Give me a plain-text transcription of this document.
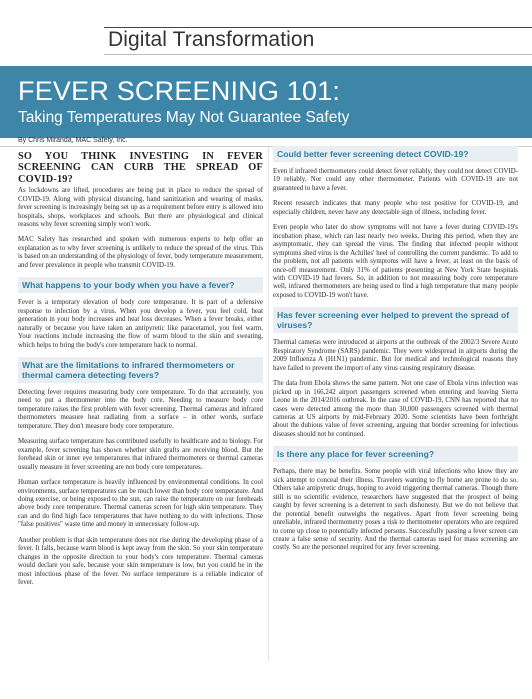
Digital Transformation
FEVER SCREENING 101:
Taking Temperatures May Not Guarantee Safety
By Chris Miranda, MAC Safety, Inc.
SO YOU THINK INVESTING IN FEVER SCREENING CAN CURB THE SPREAD OF COVID-19?

As lockdowns are lifted, procedures are being put in place to reduce the spread of COVID-19. Along with physical distancing, hand sanitization and wearing of masks, fever screening is increasingly being set up as a requirement before entry is allowed into hospitals, shops, workplaces and schools. But there are physiological and clinical reasons why fever screening simply won't work.

MAC Safety has researched and spoken with numerous experts to help offer an explanation as to why fever screening is unlikely to reduce the spread of the virus. This is based on an understanding of the physiology of fever, body temperature measurement, and fever prevalence in people who transmit COVID-19.

What happens to your body when you have a fever?

Fever is a temporary elevation of body core temperature. It is part of a defensive response to infection by a virus. When you develop a fever, you feel cold, heat generation in your body increases and heat loss decreases. When a fever breaks, either naturally or because you have taken an antipyretic like paracetamol, you feel warm. Your reactions include increasing the flow of warm blood to the skin and sweating, which helps to bring the body's core temperature back to normal.

What are the limitations to infrared thermometers or thermal camera detecting fevers?

Detecting fever requires measuring body core temperature. To do that accurately, you need to put a thermometer into the body core. Needing to measure body core temperature raises the first problem with fever screening. Thermal cameras and infrared thermometers measure heat radiating from a surface – in other words, surface temperature. They don't measure body core temperature.

Measuring surface temperature has contributed usefully to healthcare and to biology. For example, fever screening has shown whether skin grafts are receiving blood. But the forehead skin or inner eye temperatures that infrared thermometers or thermal cameras usually measure in fever screening are not body core temperatures.

Human surface temperature is heavily influenced by environmental conditions. In cool environments, surface temperatures can be much lower than body core temperature. And doing exercise, or being exposed to the sun, can raise the temperature on our foreheads above body core temperature. Thermal cameras screen for high skin temperature. They can and do find high face temperatures that have nothing to do with infections. Those "false positives" waste time and money in unnecessary follow-up.

Another problem is that skin temperature does not rise during the developing phase of a fever. It falls, because warm blood is kept away from the skin. So your skin temperature changes in the opposite direction to your body's core temperature. Thermal cameras would declare you safe, because your skin temperature is low, but you could be in the most infectious phase of the fever. No surface temperature is a reliable indicator of fever.

Could better fever screening detect COVID-19?

Even if infrared thermometers could detect fever reliably, they could not detect COVID-19 reliably. Nor could any other thermometer. Patients with COVID-19 are not guaranteed to have a fever.

Recent research indicates that many people who test positive for COVID-19, and especially children, never have any detectable sign of illness, including fever.

Even people who later do show symptoms will not have a fever during COVID-19's incubation phase, which can last nearly two weeks. During this period, when they are asymptomatic, they can spread the virus. The finding that infected people without symptoms shed virus is the Achilles' heel of controlling the current pandemic. To add to the problem, not all patients with symptoms will have a fever, at least on the basis of once-off measurement. Only 31% of patients presenting at New York State hospitals with COVID-19 had fevers. So, in addition to not measuring body core temperature well, infrared thermometers are being used to find a high temperature that many people exposed to COVID-19 won't have.

Has fever screening ever helped to prevent the spread of viruses?

Thermal cameras were introduced at airports at the outbreak of the 2002/3 Severe Acute Respiratory Syndrome (SARS) pandemic. They were widespread in airports during the 2009 Influenza A (H1N1) pandemic. But for medical and technological reasons they have failed to prevent the import of any virus causing respiratory disease.

The data from Ebola shows the same pattern. Not one case of Ebola virus infection was picked up in 166,242 airport passengers screened when entering and leaving Sierra Leone in the 2014/2016 outbreak. In the case of COVID-19, CNN has reported that no cases were detected among the more than 30,000 passengers screened with thermal cameras at US airports by mid-February 2020. Some scientists have been forthright about the dubious value of fever screening, arguing that border screening for infectious diseases should not be continued.

Is there any place for fever screening?

Perhaps, there may be benefits. Some people with viral infections who know they are sick attempt to conceal their illness. Travelers wanting to fly home are prone to do so. Others take antipyretic drugs, hoping to avoid triggering thermal cameras. Though there still is no scientific evidence, researchers have suggested that the prospect of being caught by fever screening is a deterrent to such dishonesty. But we do not believe that the potential benefit outweighs the negatives. Apart from fever screening being unreliable, infrared thermometry poses a risk to thermometer operators who are required to come up close to potentially infected persons. Successfully passing a fever screen can create a false sense of security. And the thermal cameras used for mass screening are costly. So are the personnel required for any fever screening.
